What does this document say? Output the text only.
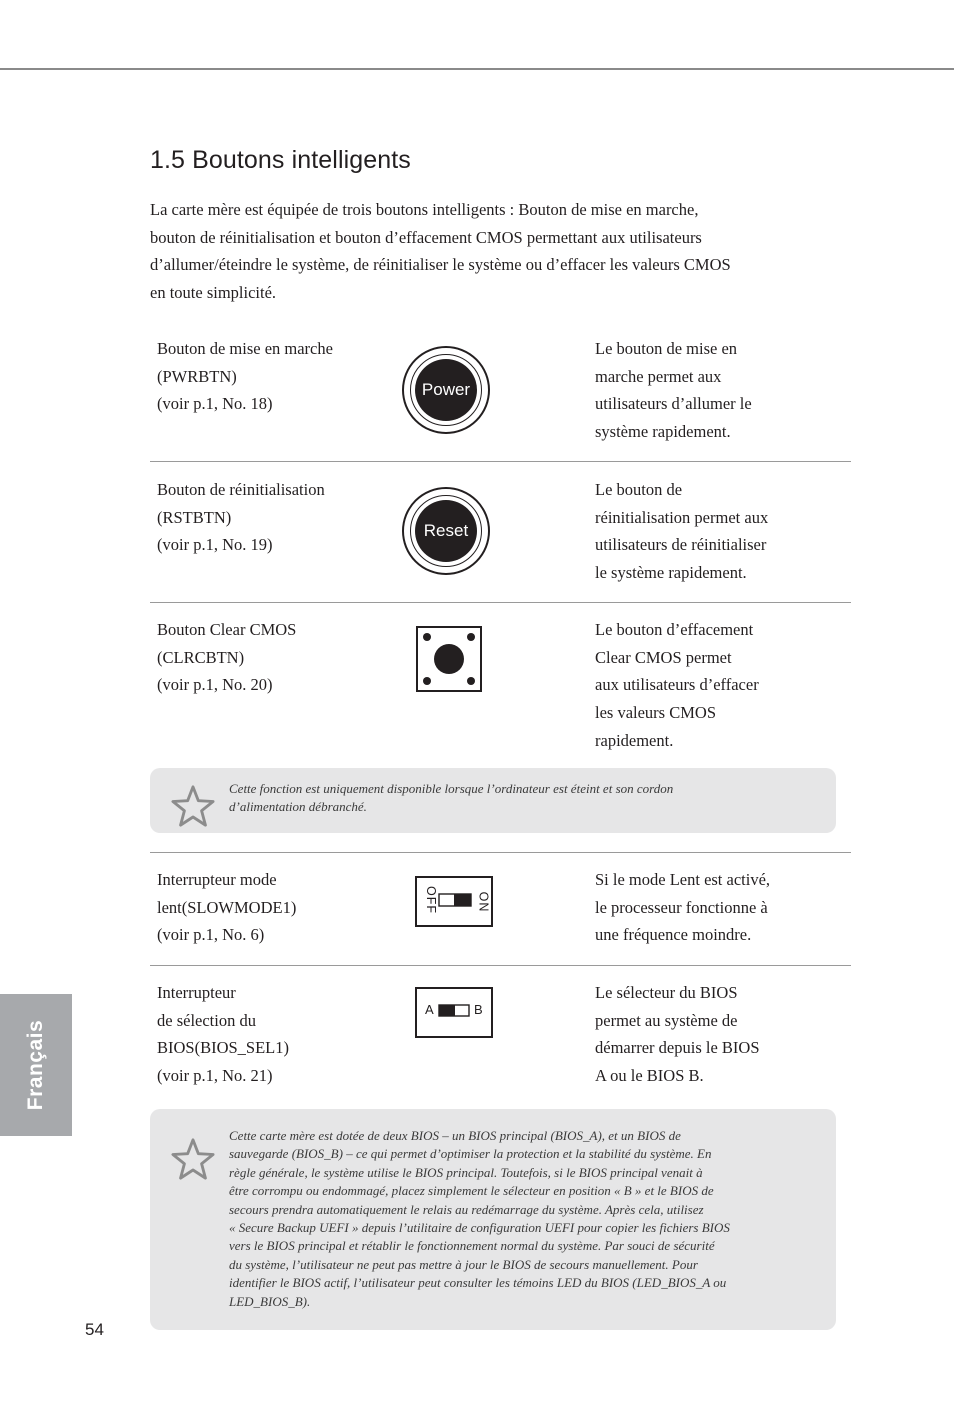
1.5 Boutons intelligents
La carte mère est équipée de trois boutons intelligents : Bouton de mise en marche,
bouton de réinitialisation et bouton d’effacement CMOS permettant aux utilisateurs
d’allumer/éteindre le système, de réinitialiser le système ou d’effacer les valeurs CMOS
en toute simplicité.
Bouton de mise en marche
(PWRBTN)
(voir p.1, No. 18)
Power
Le bouton de mise en
marche permet aux
utilisateurs d’allumer le
système rapidement.
Bouton de réinitialisation
(RSTBTN)
(voir p.1, No. 19)
Reset
Le bouton de
réinitialisation permet aux
utilisateurs de réinitialiser
le système rapidement.
Bouton Clear CMOS
(CLRCBTN)
(voir p.1, No. 20)
Le bouton d’effacement
Clear CMOS permet
aux utilisateurs d’effacer
les valeurs CMOS
rapidement.
Cette fonction est uniquement disponible lorsque l’ordinateur est éteint et son cordon
d’alimentation débranché.
Interrupteur mode
lent(SLOWMODE1)
(voir p.1, No. 6)
OFF	ON
Si le mode Lent est activé,
le processeur fonctionne à
une fréquence moindre.
Interrupteur
de sélection du
BIOS(BIOS_SEL1)
(voir p.1, No. 21)
A	B
Le sélecteur du BIOS
permet au système de
démarrer depuis le BIOS
A ou le BIOS B.
Cette carte mère est dotée de deux BIOS – un BIOS principal (BIOS_A), et un BIOS de
sauvegarde (BIOS_B) – ce qui permet d’optimiser la protection et la stabilité du système. En
règle générale, le système utilise le BIOS principal. Toutefois, si le BIOS principal venait à
être corrompu ou endommagé, placez simplement le sélecteur en position « B » et le BIOS de
secours prendra automatiquement le relais au redémarrage du système. Après cela, utilisez
« Secure Backup UEFI » depuis l’utilitaire de configuration UEFI pour copier les fichiers BIOS
vers le BIOS principal et rétablir le fonctionnement normal du système. Par souci de sécurité
du système, l’utilisateur ne peut pas mettre à jour le BIOS de secours manuellement. Pour
identifier le BIOS actif, l’utilisateur peut consulter les témoins LED du BIOS (LED_BIOS_A ou
LED_BIOS_B).
Français
54
